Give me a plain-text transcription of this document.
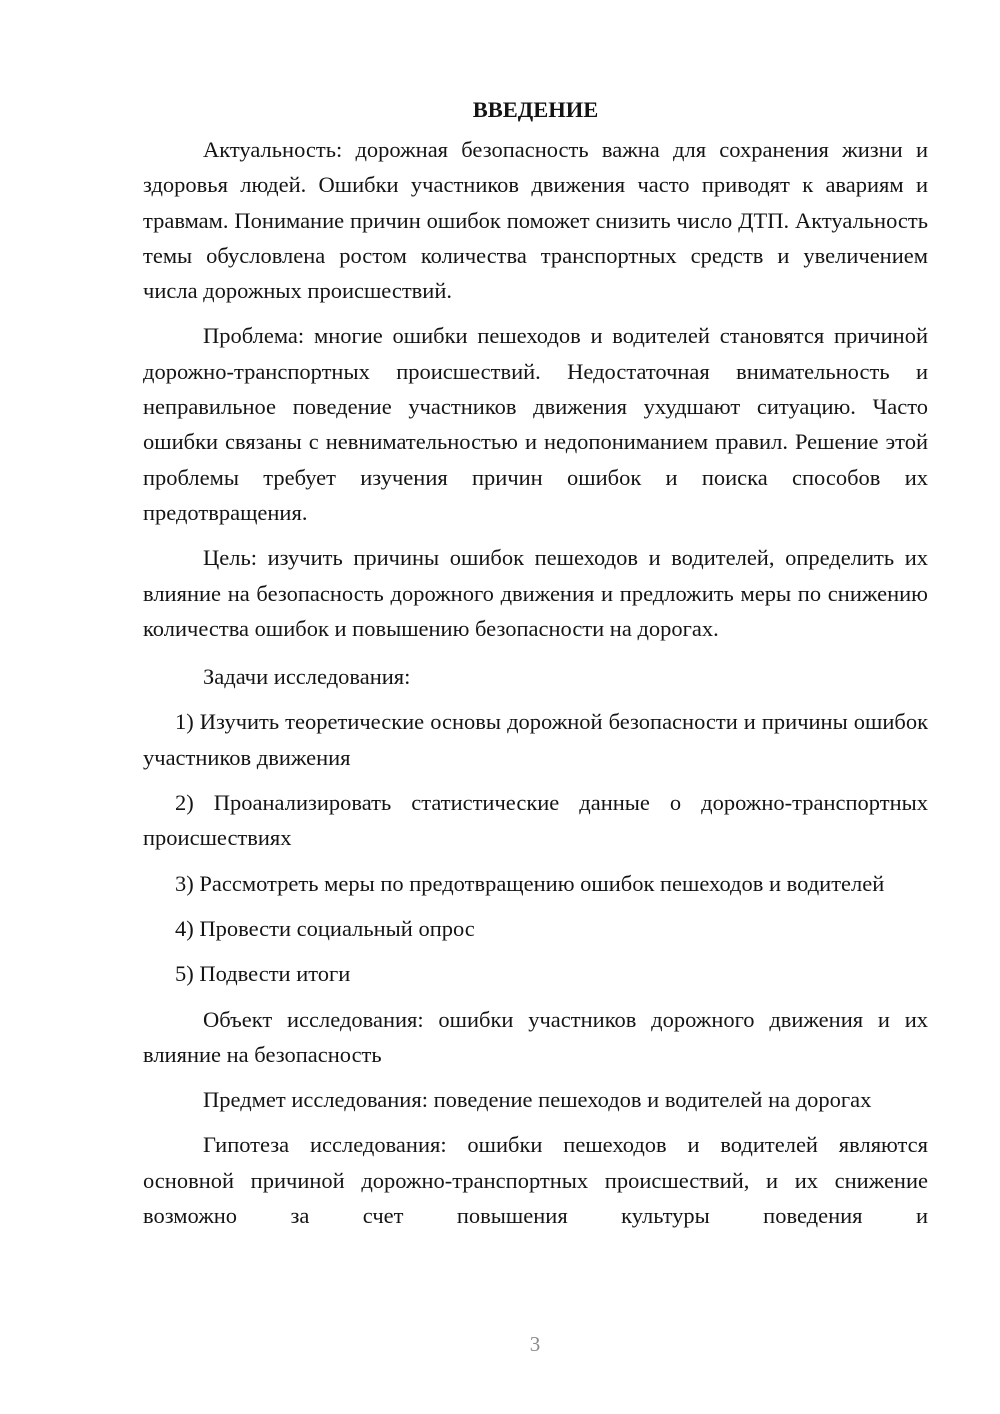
ВВЕДЕНИЕ

Актуальность: дорожная безопасность важна для сохранения жизни и здоровья людей. Ошибки участников движения часто приводят к авариям и травмам. Понимание причин ошибок поможет снизить число ДТП. Актуальность темы обусловлена ростом количества транспортных средств и увеличением числа дорожных происшествий.

Проблема: многие ошибки пешеходов и водителей становятся причиной дорожно-транспортных происшествий. Недостаточная внимательность и неправильное поведение участников движения ухудшают ситуацию. Часто ошибки связаны с невнимательностью и недопониманием правил. Решение этой проблемы требует изучения причин ошибок и поиска способов их предотвращения.

Цель: изучить причины ошибок пешеходов и водителей, определить их влияние на безопасность дорожного движения и предложить меры по снижению количества ошибок и повышению безопасности на дорогах.

Задачи исследования:

1) Изучить теоретические основы дорожной безопасности и причины ошибок участников движения

2) Проанализировать статистические данные о дорожно-транспортных происшествиях

3) Рассмотреть меры по предотвращению ошибок пешеходов и водителей

4) Провести социальный опрос

5) Подвести итоги

Объект исследования: ошибки участников дорожного движения и их влияние на безопасность

Предмет исследования: поведение пешеходов и водителей на дорогах

Гипотеза исследования: ошибки пешеходов и водителей являются основной причиной дорожно-транспортных происшествий, и их снижение возможно за счет повышения культуры поведения и

3
